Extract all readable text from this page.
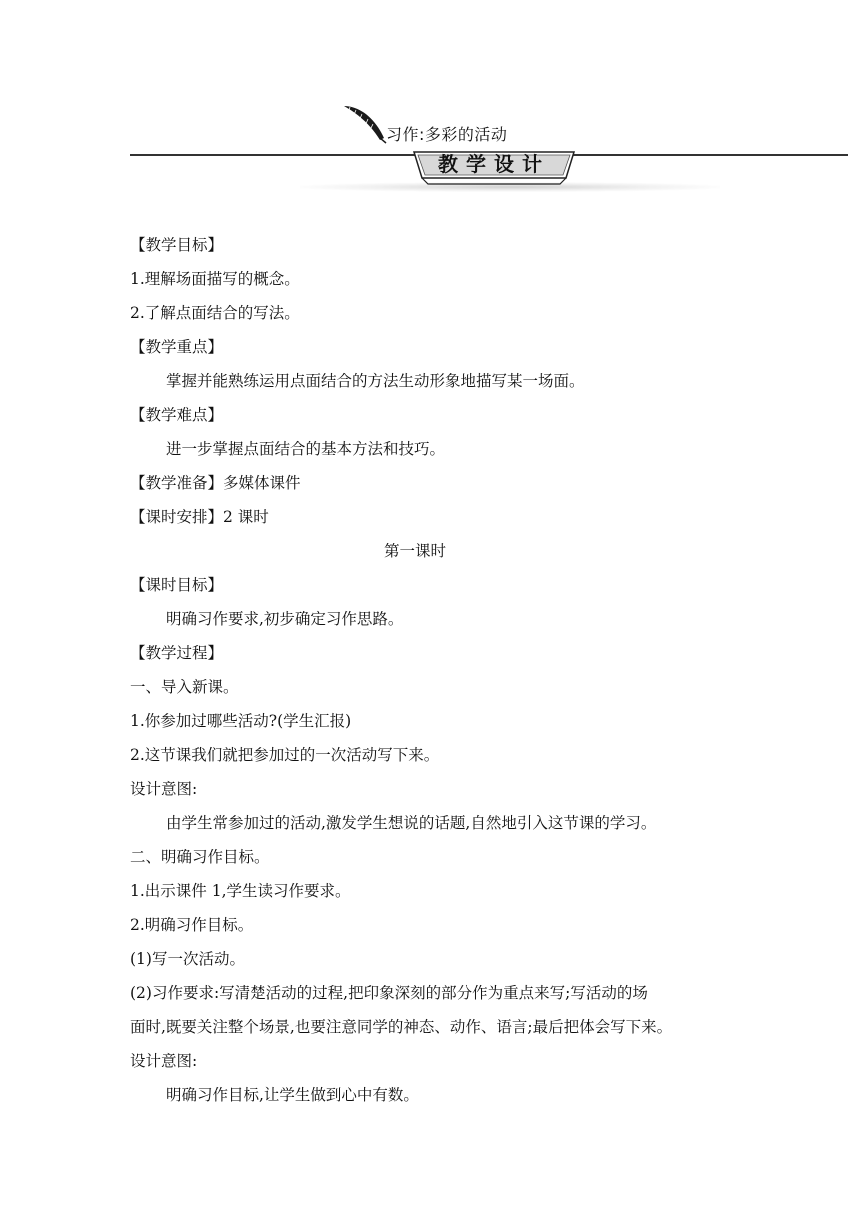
习作:多彩的活动
教学设计
【教学目标】
1.理解场面描写的概念。
2.了解点面结合的写法。
【教学重点】
掌握并能熟练运用点面结合的方法生动形象地描写某一场面。
【教学难点】
进一步掌握点面结合的基本方法和技巧。
【教学准备】多媒体课件
【课时安排】2 课时
第一课时
【课时目标】
明确习作要求,初步确定习作思路。
【教学过程】
一、导入新课。
1.你参加过哪些活动?(学生汇报)
2.这节课我们就把参加过的一次活动写下来。
设计意图:
由学生常参加过的活动,激发学生想说的话题,自然地引入这节课的学习。
二、明确习作目标。
1.出示课件 1,学生读习作要求。
2.明确习作目标。
(1)写一次活动。
(2)习作要求:写清楚活动的过程,把印象深刻的部分作为重点来写;写活动的场
面时,既要关注整个场景,也要注意同学的神态、动作、语言;最后把体会写下来。
设计意图:
明确习作目标,让学生做到心中有数。
